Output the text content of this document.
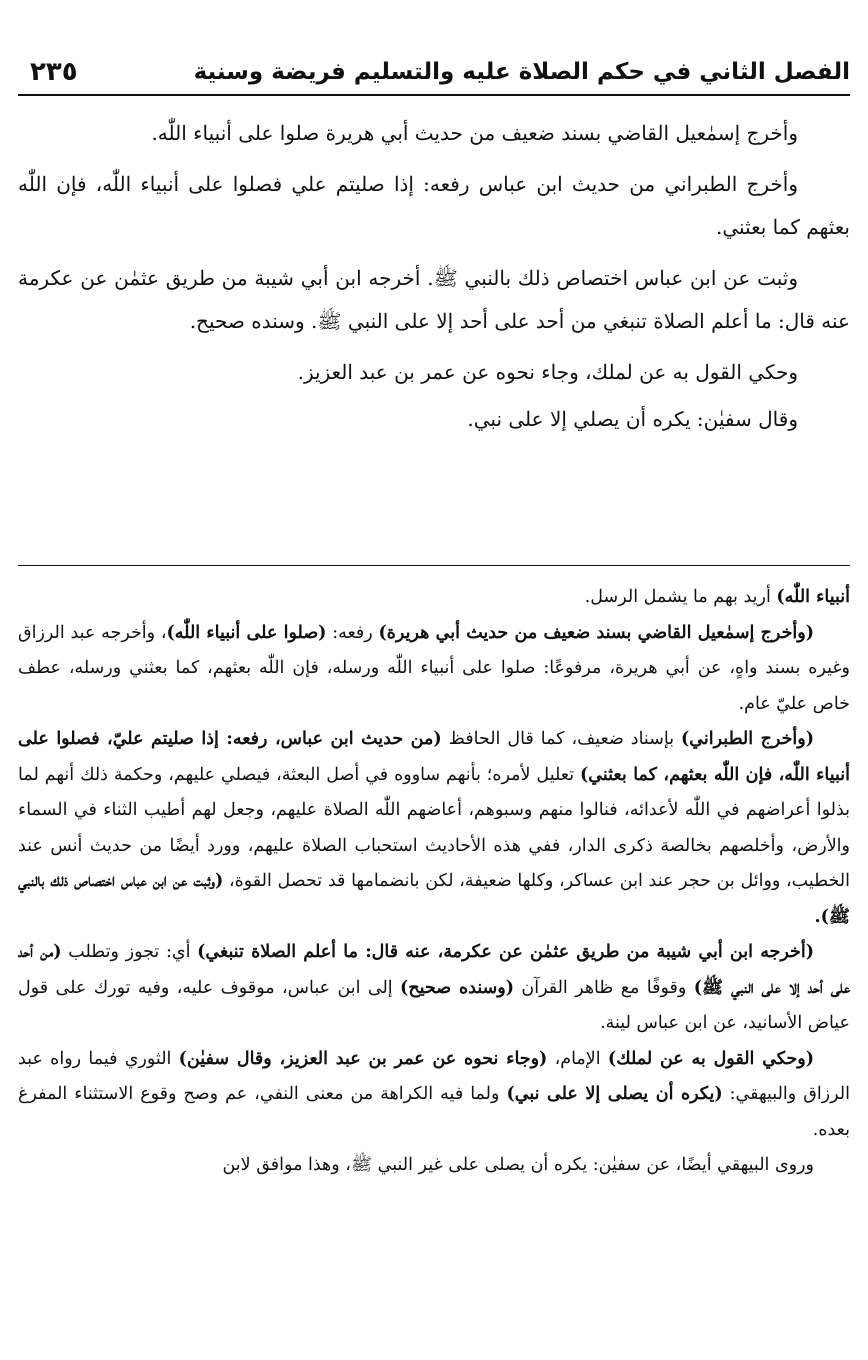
الفصل الثاني في حكم الصلاة عليه والتسليم فريضة وسنية
٢٣٥

وأخرج إسمٰعيل القاضي بسند ضعيف من حديث أبي هريرة صلوا على أنبياء اللّٰه.

وأخرج الطبراني من حديث ابن عباس رفعه: إذا صليتم علي فصلوا على أنبياء اللّٰه، فإن اللّٰه بعثهم كما بعثني.

وثبت عن ابن عباس اختصاص ذلك بالنبي ﷺ. أخرجه ابن أبي شيبة من طريق عثمٰن عن عكرمة عنه قال: ما أعلم الصلاة تنبغي من أحد على أحد إلا على النبي ﷺ. وسنده صحيح.

وحكي القول به عن لملك، وجاء نحوه عن عمر بن عبد العزيز.

وقال سفيٰن: يكره أن يصلي إلا على نبي.

أنبياء اللّٰه) أريد بهم ما يشمل الرسل.

(وأخرج إسمٰعيل القاضي بسند ضعيف من حديث أبي هريرة) رفعه: (صلوا على أنبياء اللّٰه)، وأخرجه عبد الرزاق وغيره بسند واهٍ، عن أبي هريرة، مرفوعًا: صلوا على أنبياء اللّٰه ورسله، فإن اللّٰه بعثهم، كما بعثني ورسله، عطف خاص عليّ عام.

(وأخرج الطبراني) بإسناد ضعيف، كما قال الحافظ (من حديث ابن عباس، رفعه: إذا صليتم عليّ، فصلوا على أنبياء اللّٰه، فإن اللّٰه بعثهم، كما بعثني) تعليل لأمره؛ بأنهم ساووه في أصل البعثة، فيصلي عليهم، وحكمة ذلك أنهم لما بذلوا أعراضهم في اللّٰه لأعدائه، فنالوا منهم وسبوهم، أعاضهم اللّٰه الصلاة عليهم، وجعل لهم أطيب الثناء في السماء والأرض، وأخلصهم بخالصة ذكرى الدار، ففي هذه الأحاديث استحباب الصلاة عليهم، وورد أيضًا من حديث أنس عند الخطيب، ووائل بن حجر عند ابن عساكر، وكلها ضعيفة، لكن بانضمامها قد تحصل القوة، (وثبت عن ابن عباس اختصاص ذلك بالنبي ﷺ).

(أخرجه ابن أبي شيبة من طريق عثمٰن عن عكرمة، عنه قال: ما أعلم الصلاة تنبغي) أي: تجوز وتطلب (من أحد على أحد إلا على النبي ﷺ) وقوفًا مع ظاهر القرآن (وسنده صحيح) إلى ابن عباس، موقوف عليه، وفيه تورك على قول عياض الأسانيد، عن ابن عباس لينة.

(وحكي القول به عن لملك) الإمام، (وجاء نحوه عن عمر بن عبد العزيز، وقال سفيٰن) الثوري فيما رواه عبد الرزاق والبيهقي: (يكره أن يصلى إلا على نبي) ولما فيه الكراهة من معنى النفي، عم وصح وقوع الاستثناء المفرغ بعده.

وروى البيهقي أيضًا، عن سفيٰن: يكره أن يصلى على غير النبي ﷺ، وهذا موافق لابن
